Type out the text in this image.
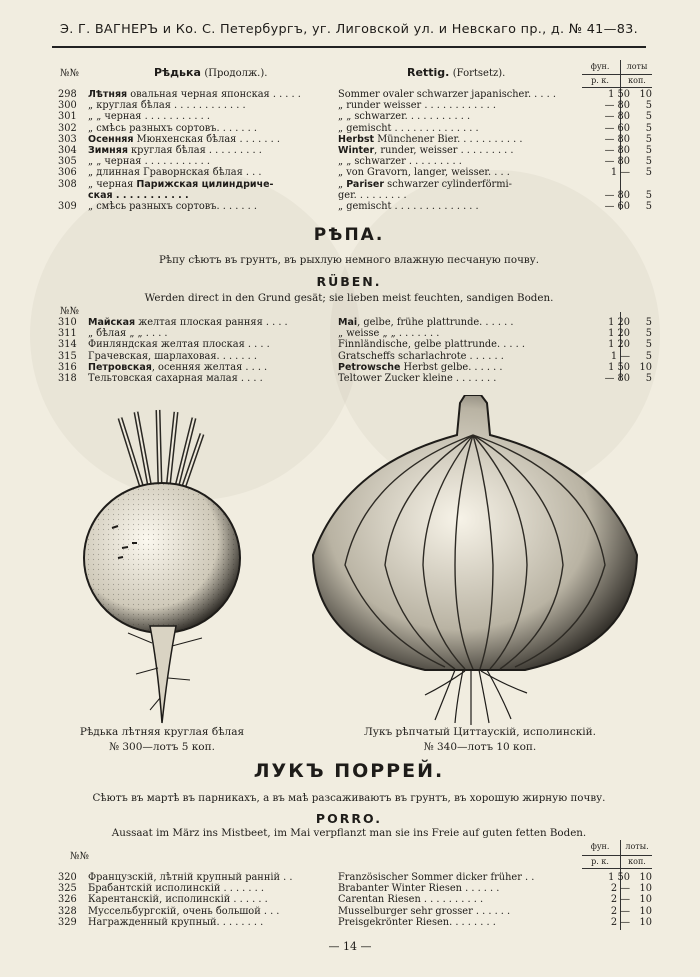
Э. Г. ВАГНЕРЪ и Ко. С. Петербургъ, уг. Лиговской ул. и Невскаго пр., д. № 41—83.
№№	Рѣдька (Продолж.).	Rettig. (Fortsetz).
фун.
р. к.
лоты
коп.
298	Лѣтняя овальная черная японская . . . . .	Sommer ovaler schwarzer japanischer. . . . .	1 50 10
300	„ круглая бѣлая . . . . . . . . . . . .	„ runder weisser . . . . . . . . . . . .	— 80	5
301	„ „ черная . . . . . . . . . . .	„ „ schwarzer. . . . . . . . . . .	— 80	5
302	„ смѣсь разныхъ сортовъ. . . . . . .	„ gemischt . . . . . . . . . . . . . .	— 60	5
303	Осенняя Мюнхенская бѣлая . . . . . . .	Herbst Münchener Bier. . . . . . . . . . .	— 80	5
304	Зимняя круглая бѣлая . . . . . . . . .	Winter, runder, weisser . . . . . . . . .	— 80	5
305	„ „ черная . . . . . . . . . . .	„ „ schwarzer . . . . . . . . .	— 80	5
306	„ длинная Граворнская бѣлая . . .	„ von Gravorn, langer, weisser. . . .	1 —	5
308	„ черная Парижская цилиндриче-	„ Pariser schwarzer cylinderförmi-
ская . . . . . . . . . . .	ger. . . . . . . . .	— 80	5
309	„ смѣсь разныхъ сортовъ. . . . . . .	„ gemischt . . . . . . . . . . . . . .	— 60	5
РѢПА.
Рѣпу сѣютъ въ грунтъ, въ рыхлую немного влажную песчаную почву.
RÜBEN.
Werden direct in den Grund gesät; sie lieben meist feuchten, sandigen Boden.
№№
310	Майская желтая плоская ранняя . . . .	Mai, gelbe, frühe plattrunde. . . . . .	1 20	5
311	„ бѣлая „ „ . . . .	„ weisse „ „ . . . . . . .	1 20	5
314	Финляндская желтая плоская . . . .	Finnländische, gelbe plattrunde. . . . .	1 20	5
315	Грачевская, шарлаховая. . . . . . .	Gratscheffs scharlachrote . . . . . .	1 —	5
316	Петровская, осенняя желтая . . . .	Petrowsche Herbst gelbe. . . . . .	1 50 10
318	Тельтовская сахарная малая . . . .	Teltower Zucker kleine . . . . . . .	— 80	5
Рѣдька лѣтняя круглая бѣлая
№ 300—лотъ 5 коп.
Лукъ рѣпчатый Циттаускій, исполинскій.
№ 340—лотъ 10 коп.
ЛУКЪ ПОРРЕЙ.
Сѣютъ въ мартѣ въ парникахъ, а въ маѣ разсаживаютъ въ грунтъ, въ хорошую жирную почву.
PORRO.
Aussaat im März ins Mistbeet, im Mai verpflanzt man sie ins Freie auf guten fetten Boden.
№№
фун.
р. к.
лоты.
коп.
320	Французскій, лѣтній крупный ранній . .	Französischer Sommer dicker früher . .	1 50 10
325	Брабантскій исполинскій . . . . . . .	Brabanter Winter Riesen . . . . . .	2 — 10
326	Карентанскій, исполинскій . . . . . .	Carentan Riesen . . . . . . . . . .	2 — 10
328	Муссельбургскій, очень большой . . .	Musselburger sehr grosser . . . . . .	2 — 10
329	Награжденный крупный. . . . . . . .	Preisgekrönter Riesen. . . . . . . .	2 — 10
— 14 —
